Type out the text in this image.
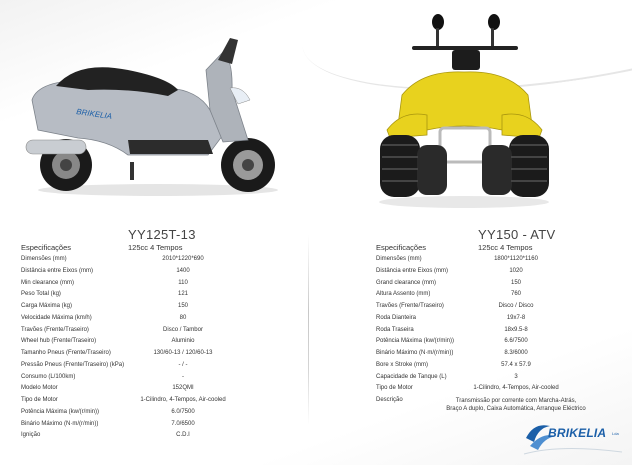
BRIKELIA
YY125T-13	YY150 - ATV
Especificações	125cc 4 Tempos	Especificações	125cc 4 Tempos
Dimensões (mm)	2010*1220*690
Distância entre Eixos (mm)	1400
Min clearance (mm)	110
Peso Total (kg)	121
Carga Máxima (kg)	150
Velocidade Máxima (km/h)	80
Travões (Frente/Traseiro)	Disco / Tambor
Wheel hub (Frente/Traseiro)	Aluminio
Tamanho Pneus (Frente/Traseiro)	130/60-13 / 120/60-13
Pressão Pneus (Frente/Traseiro) (kPa)	- / -
Consumo (L/100km)	-
Modelo Motor	152QMI
Tipo de Motor	1-Cilindro, 4-Tempos, Air-cooled
Potência Máxima (kw/(r/min))	6.0/7500
Binário Máximo (N·m/(r/min))	7.0/6500
Ignição	C.D.I
Dimensões (mm)	1800*1120*1160
Distância entre Eixos (mm)	1020
Grand clearance (mm)	150
Altura Assento (mm)	760
Travões (Frente/Traseiro)	Disco / Disco
Roda Dianteira	19x7-8
Roda Traseira	18x9.5-8
Potência Máxima (kw/(r/min))	6.6/7500
Binário Máximo (N·m/(r/min))	8.3/6000
Bore x Stroke (mm)	57.4 x 57.9
Capacidade de Tanque (L)	3
Tipo de Motor	1-Cilindro, 4-Tempos, Air-cooled
Descrição	Transmissão por corrente com Marcha-Atrás,
Braço A duplo, Caixa Automática, Arranque Eléctrico
BRIKELIA Lda
